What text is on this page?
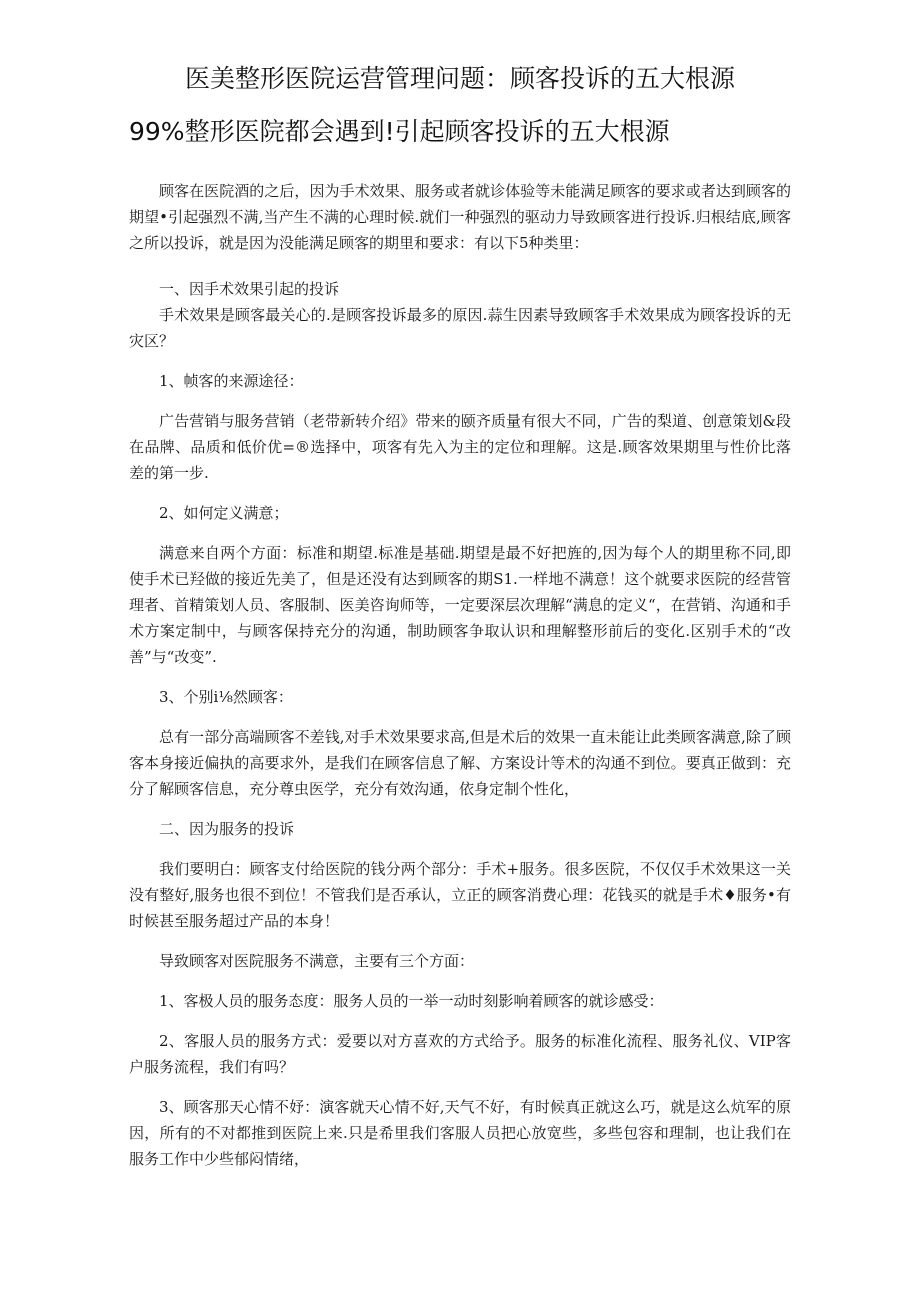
医美整形医院运营管理问题：顾客投诉的五大根源
99%整形医院都会遇到!引起顾客投诉的五大根源

顾客在医院酒的之后，因为手术效果、服务或者就诊体验等未能满足顾客的要求或者达到顾客的期望•引起强烈不满,当产生不满的心理时候.就们一种强烈的驱动力导致顾客进行投诉.归根结底,顾客之所以投诉，就是因为没能满足顾客的期里和要求：有以下5种类里：

一、因手术效果引起的投诉

手术效果是顾客最关心的.是顾客投诉最多的原因.蒜生因素导致顾客手术效果成为顾客投诉的无灾区？

1、帧客的来源途径：

广告营销与服务营销（老带新转介绍》带来的颐齐质量有很大不同，广告的梨道、创意策划&段在品牌、品质和低价优=®选择中，项客有先入为主的定位和理解。这是.顾客效果期里与性价比落差的第一步.

2、如何定义满意；

满意来自两个方面：标准和期望.标准是基础.期望是最不好把旌的,因为每个人的期里称不同,即使手术已羟做的接近先美了，但是还没有达到顾客的期S1.一样地不满意！这个就要求医院的经营管理者、首精策划人员、客服制、医美咨询师等，一定要深层次理解“满息的定义“，在营销、沟通和手术方案定制中，与顾客保持充分的沟通，制助顾客争取认识和理解整形前后的变化.区别手术的“改善”与“改变”.

3、个别i⅛然顾客：

总有一部分高端顾客不差钱,对手术效果要求高,但是术后的效果一直未能让此类顾客满意,除了顾客本身接近偏执的高要求外，是我们在顾客信息了解、方案设计等术的沟通不到位。要真正做到：充分了解顾客信息，充分尊虫医学，充分有效沟通，依身定制个性化，

二、因为服务的投诉

我们要明白：顾客支付给医院的钱分两个部分：手术+服务。很多医院，不仅仅手术效果这一关没有整好,服务也很不到位！不管我们是否承认，立正的顾客消费心理：花钱买的就是手术♦服务•有时候甚至服务超过产品的本身！

导致顾客对医院服务不满意，主要有三个方面：

1、客极人员的服务态度：服务人员的一举一动时刻影响着顾客的就诊感受：

2、客服人员的服务方式：爱要以对方喜欢的方式给予。服务的标准化流程、服务礼仪、VIP客户服务流程，我们有吗？

3、顾客那天心情不妤：演客就天心情不好,天气不好，有时候真正就这么巧，就是这么炕军的原因，所有的不对都推到医院上来.只是希里我们客服人员把心放宽些，多些包容和理制，也让我们在服务工作中少些郁闷情绪，
